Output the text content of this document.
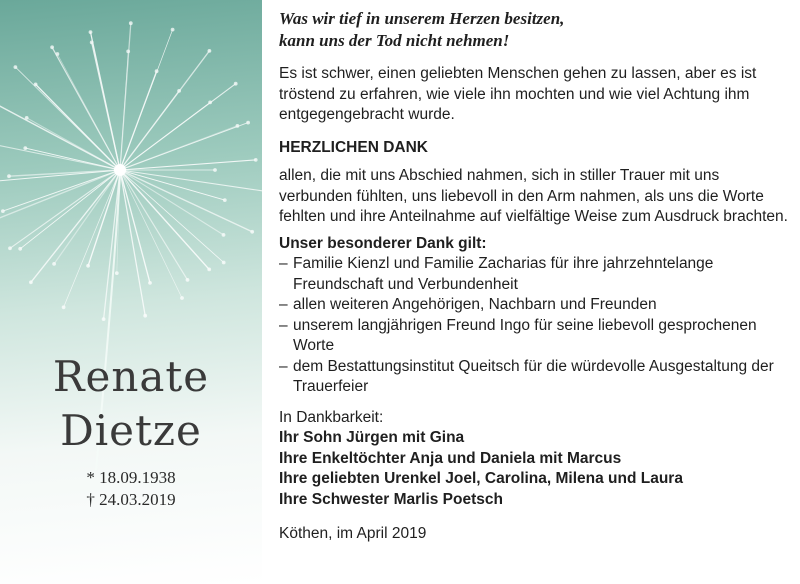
Renate
Dietze
* 18.09.1938
† 24.03.2019
Was wir tief in unserem Herzen besitzen,
kann uns der Tod nicht nehmen!
Es ist schwer, einen geliebten Menschen gehen zu lassen, aber es ist tröstend zu erfahren, wie viele ihn mochten und wie viel Achtung ihm entgegengebracht wurde.
HERZLICHEN DANK
allen, die mit uns Abschied nahmen, sich in stiller Trauer mit uns verbunden fühlten, uns liebevoll in den Arm nahmen, als uns die Worte fehlten und ihre Anteilnahme auf vielfältige Weise zum Ausdruck brachten.
Unser besonderer Dank gilt:
– Familie Kienzl und Familie Zacharias für ihre jahrzehntelange Freundschaft und Verbundenheit
– allen weiteren Angehörigen, Nachbarn und Freunden
– unserem langjährigen Freund Ingo für seine liebevoll gesprochenen Worte
– dem Bestattungsinstitut Queitsch für die würdevolle Ausgestaltung der Trauerfeier
In Dankbarkeit:
Ihr Sohn Jürgen mit Gina
Ihre Enkeltöchter Anja und Daniela mit Marcus
Ihre geliebten Urenkel Joel, Carolina, Milena und Laura
Ihre Schwester Marlis Poetsch
Köthen, im April 2019
